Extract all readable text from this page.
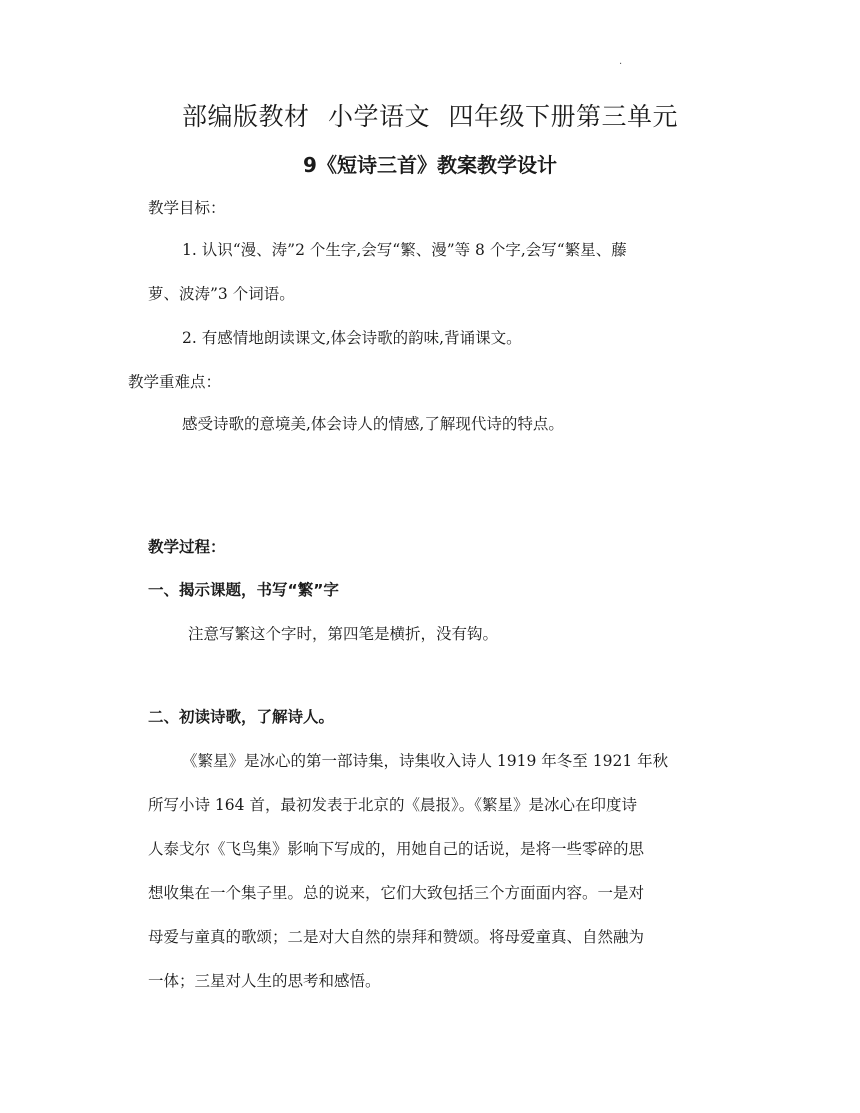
.
部编版教材 小学语文 四年级下册第三单元
9《短诗三首》教案教学设计
教学目标：
1. 认识“漫、涛”2 个生字,会写“繁、漫”等 8 个字,会写“繁星、藤
萝、波涛”3 个词语。
2. 有感情地朗读课文,体会诗歌的韵味,背诵课文。
教学重难点：
感受诗歌的意境美,体会诗人的情感,了解现代诗的特点。
教学过程：
一、揭示课题，书写“繁”字
注意写繁这个字时，第四笔是横折，没有钩。
二、初读诗歌，了解诗人。
《繁星》是冰心的第一部诗集，诗集收入诗人 1919 年冬至 1921 年秋
所写小诗 164 首，最初发表于北京的《晨报》。《繁星》是冰心在印度诗
人泰戈尔《飞鸟集》影响下写成的，用她自己的话说，是将一些零碎的思
想收集在一个集子里。总的说来，它们大致包括三个方面面内容。一是对
母爱与童真的歌颂；二是对大自然的崇拜和赞颂。将母爱童真、自然融为
一体；三星对人生的思考和感悟。
